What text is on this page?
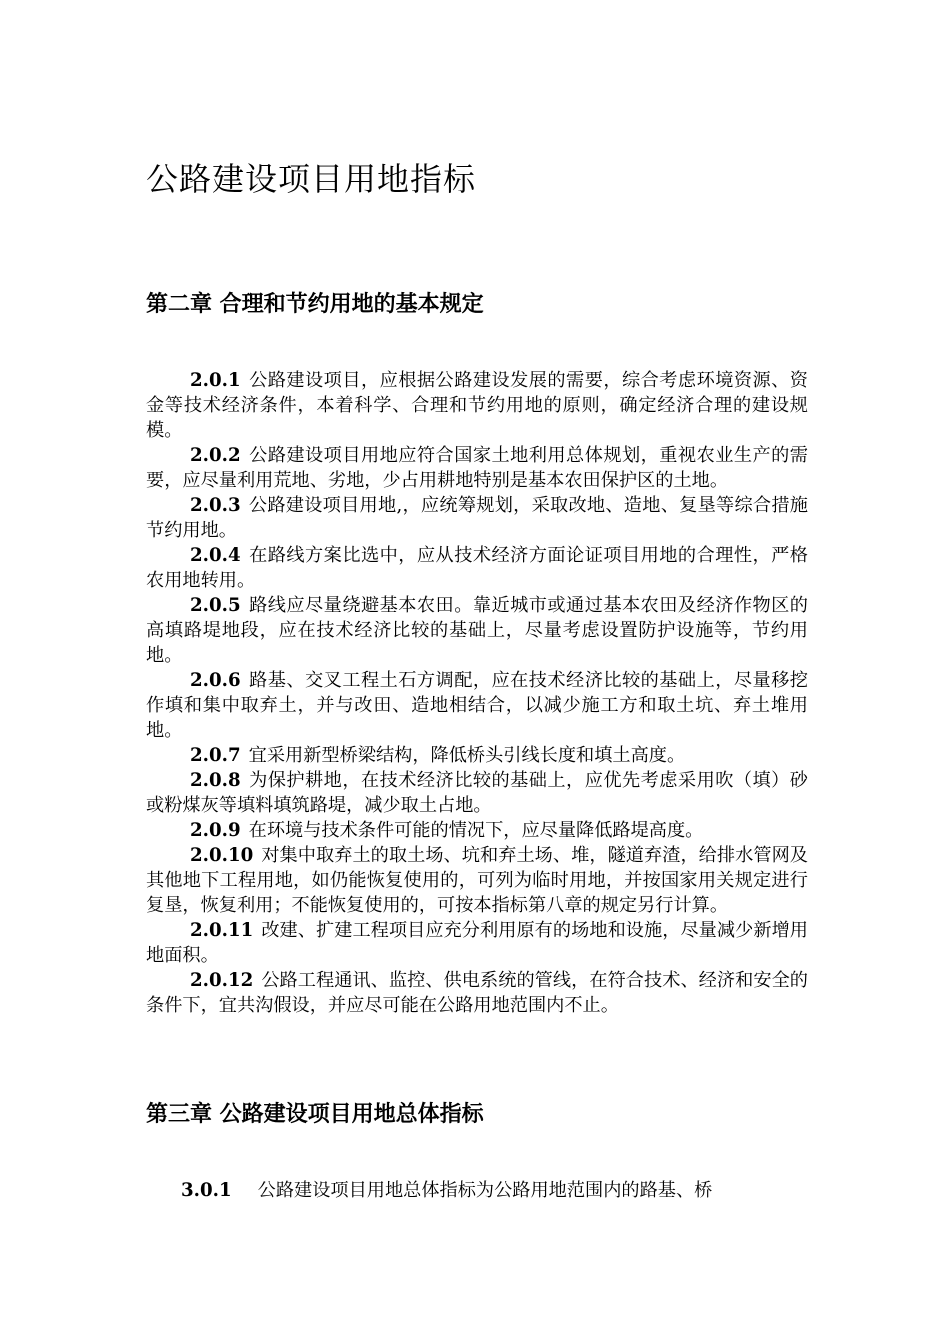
公路建设项目用地指标
第二章 合理和节约用地的基本规定

2.0.1 公路建设项目，应根据公路建设发展的需要，综合考虑环境资源、资金等技术经济条件，本着科学、合理和节约用地的原则，确定经济合理的建设规模。

2.0.2 公路建设项目用地应符合国家土地利用总体规划，重视农业生产的需要，应尽量利用荒地、劣地，少占用耕地特别是基本农田保护区的土地。

2.0.3 公路建设项目用地,，应统筹规划，采取改地、造地、复垦等综合措施节约用地。

2.0.4 在路线方案比选中，应从技术经济方面论证项目用地的合理性，严格农用地转用。

2.0.5 路线应尽量绕避基本农田。靠近城市或通过基本农田及经济作物区的高填路堤地段，应在技术经济比较的基础上，尽量考虑设置防护设施等，节约用地。

2.0.6 路基、交叉工程土石方调配，应在技术经济比较的基础上，尽量移挖作填和集中取弃土，并与改田、造地相结合，以减少施工方和取土坑、弃土堆用地。

2.0.7 宜采用新型桥梁结构，降低桥头引线长度和填土高度。

2.0.8 为保护耕地，在技术经济比较的基础上，应优先考虑采用吹（填）砂或粉煤灰等填料填筑路堤，减少取土占地。

2.0.9 在环境与技术条件可能的情况下，应尽量降低路堤高度。

2.0.10 对集中取弃土的取土场、坑和弃土场、堆，隧道弃渣，给排水管网及其他地下工程用地，如仍能恢复使用的，可列为临时用地，并按国家用关规定进行复垦，恢复利用；不能恢复使用的，可按本指标第八章的规定另行计算。

2.0.11 改建、扩建工程项目应充分利用原有的场地和设施，尽量减少新增用地面积。

2.0.12 公路工程通讯、监控、供电系统的管线，在符合技术、经济和安全的条件下，宜共沟假设，并应尽可能在公路用地范围内不止。

第三章 公路建设项目用地总体指标

3.0.1 公路建设项目用地总体指标为公路用地范围内的路基、桥
